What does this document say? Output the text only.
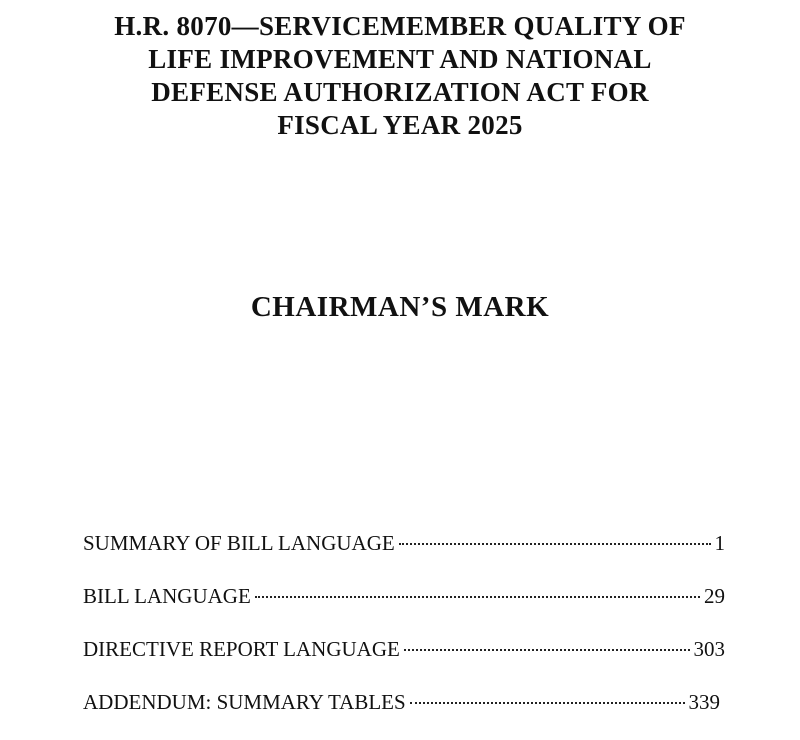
H.R. 8070—SERVICEMEMBER QUALITY OF
LIFE IMPROVEMENT AND NATIONAL
DEFENSE AUTHORIZATION ACT FOR
FISCAL YEAR 2025
CHAIRMAN’S MARK
SUMMARY OF BILL LANGUAGE	1
BILL LANGUAGE	29
DIRECTIVE REPORT LANGUAGE	303
ADDENDUM: SUMMARY TABLES	339
